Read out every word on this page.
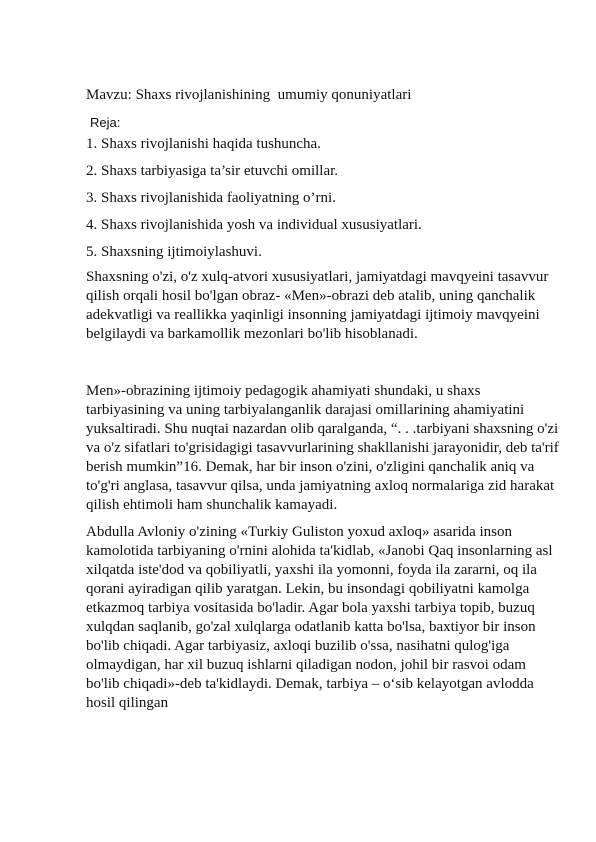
Mavzu: Shaxs rivojlanishining  umumiy qonuniyatlari

Reja:

1. Shaxs rivojlanishi haqida tushuncha.
2. Shaxs tarbiyasiga ta’sir etuvchi omillar.
3. Shaxs rivojlanishida faoliyatning o’rni.
4. Shaxs rivojlanishida yosh va individual xususiyatlari.
5. Shaxsning ijtimoiylashuvi.

Shaxsning o'zi, o'z xulq-atvori xususiyatlari, jamiyatdagi mavqyeini tasavvur qilish orqali hosil bo'lgan obraz- «Men»-obrazi deb atalib, uning qanchalik adekvatligi va reallikka yaqinligi insonning jamiyatdagi ijtimoiy mavqyeini belgilaydi va barkamollik mezonlari bo'lib hisoblanadi.

Men»-obrazining ijtimoiy pedagogik ahamiyati shundaki, u shaxs tarbiyasining va uning tarbiyalanganlik darajasi omillarining ahamiyatini yuksaltiradi. Shu nuqtai nazardan olib qaralganda, “. . .tarbiyani shaxsning o'zi va o'z sifatlari to'grisidagigi tasavvurlarining shakllanishi jarayonidir, deb ta'rif berish mumkin”16. Demak, har bir inson o'zini, o'zligini qanchalik aniq va to'g'ri anglasa, tasavvur qilsa, unda jamiyatning axloq normalariga zid harakat qilish ehtimoli ham shunchalik kamayadi.

Abdulla Avloniy o'zining «Turkiy Guliston yoxud axloq» asarida inson kamolotida tarbiyaning o'rnini alohida ta'kidlab, «Janobi Qaq insonlarning asl xilqatda iste'dod va qobiliyatli, yaxshi ila yomonni, foyda ila zararni, oq ila qorani ayiradigan qilib yaratgan. Lekin, bu insondagi qobiliyatni kamolga etkazmoq tarbiya vositasida bo'ladir. Agar bola yaxshi tarbiya topib, buzuq xulqdan saqlanib, go'zal xulqlarga odatlanib katta bo'lsa, baxtiyor bir inson bo'lib chiqadi. Agar tarbiyasiz, axloqi buzilib o'ssa, nasihatni qulog'iga olmaydigan, har xil buzuq ishlarni qiladigan nodon, johil bir rasvoi odam bo'lib chiqadi»-deb ta'kidlaydi. Demak, tarbiya – o‘sib kelayotgan avlodda hosil qilingan
